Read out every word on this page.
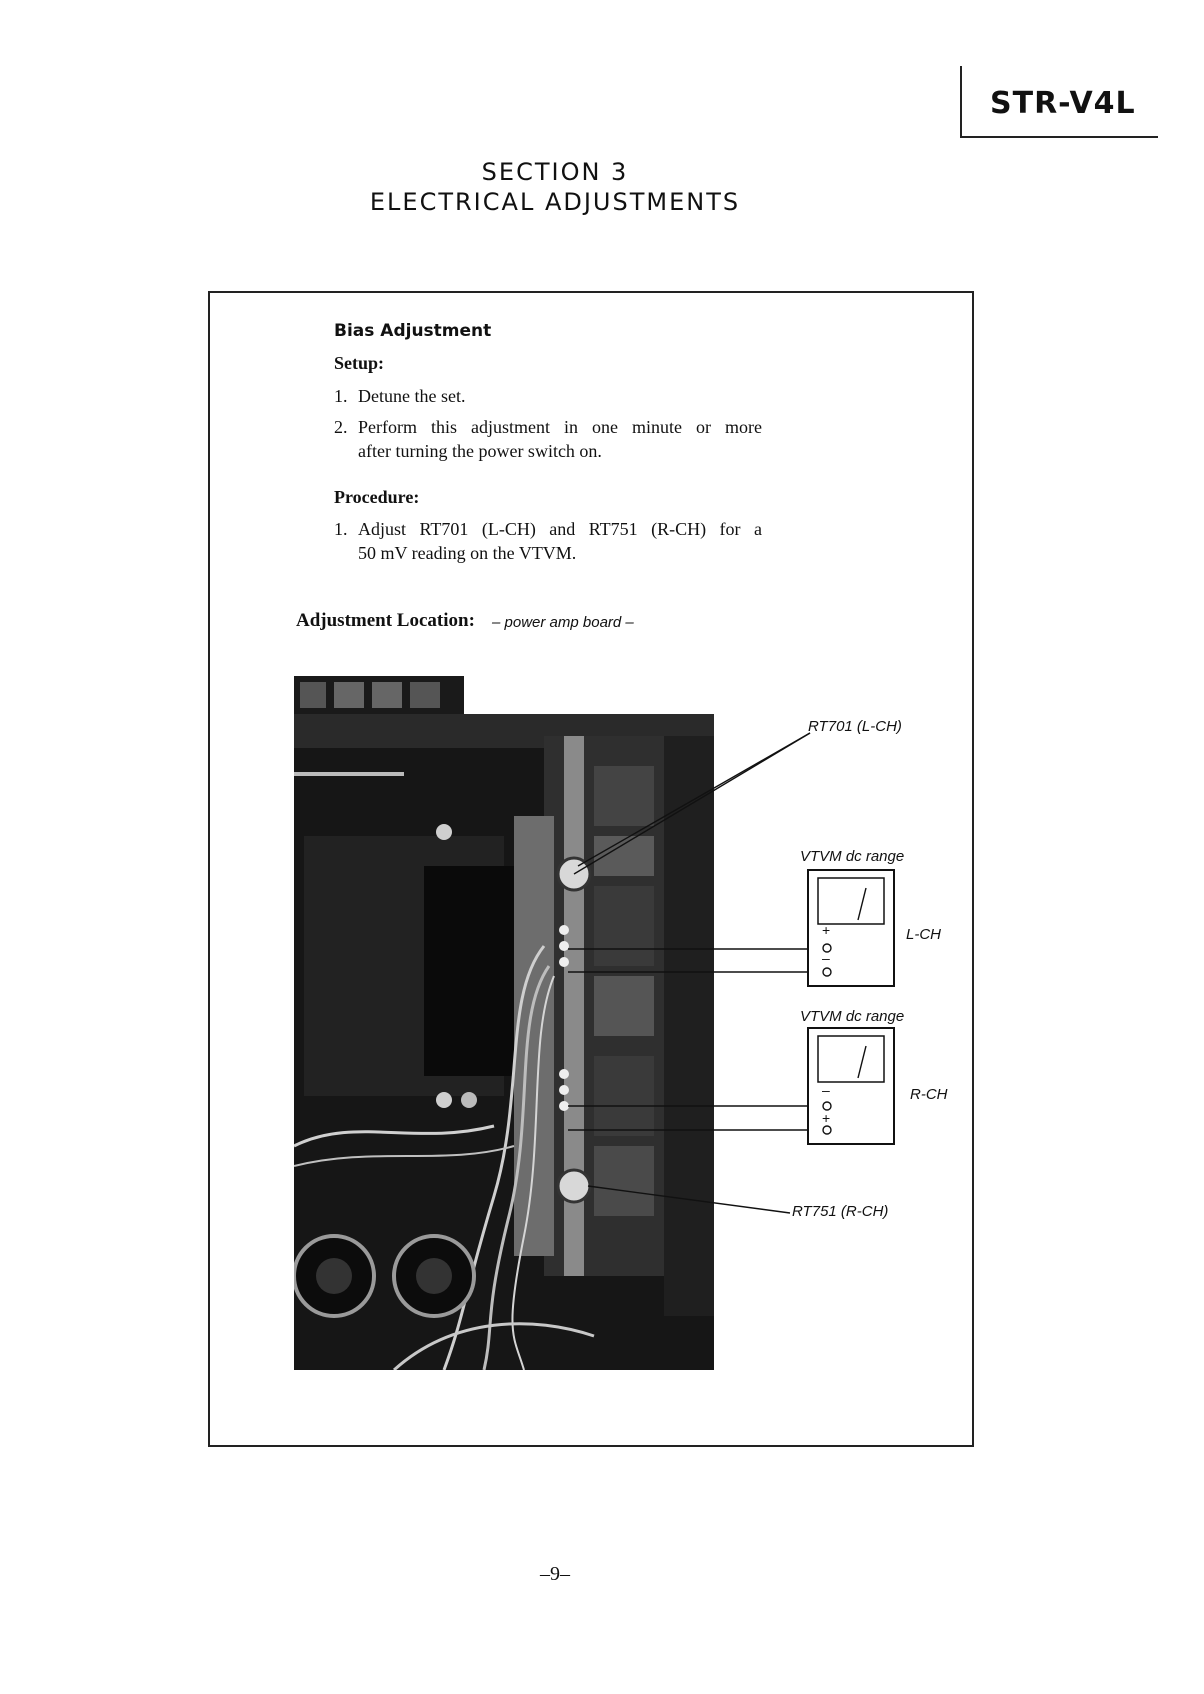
STR-V4L
SECTION 3
ELECTRICAL ADJUSTMENTS
Bias Adjustment
Setup:
1. Detune the set.
2. Perform this adjustment in one minute or more
after turning the power switch on.
Procedure:
1. Adjust RT701 (L-CH) and RT751 (R-CH) for a
50 mV reading on the VTVM.
Adjustment Location: – power amp board –
RT701 (L-CH)
RT751 (R-CH)
VTVM dc range
VTVM dc range
L-CH
R-CH
+
–
–
+
–9–
